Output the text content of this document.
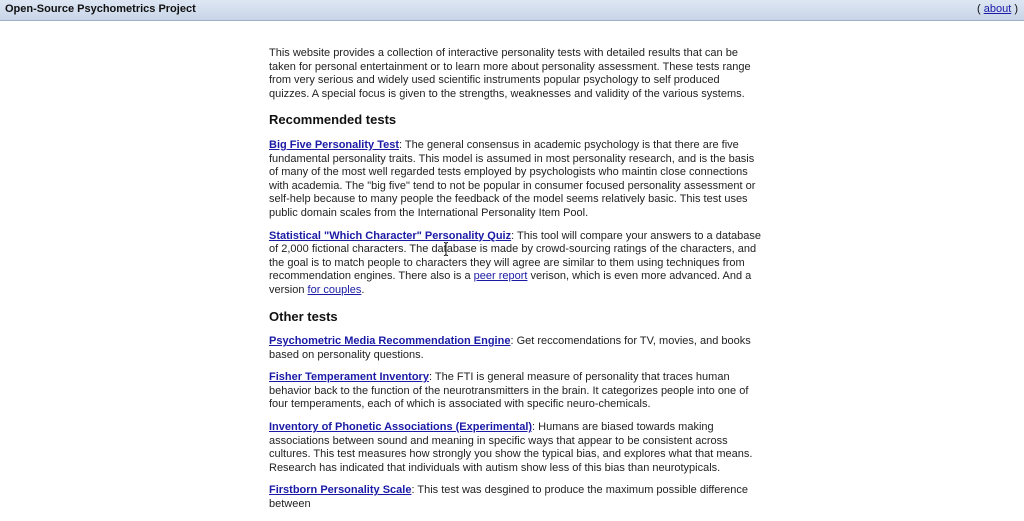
Open-Source Psychometrics Project	( about )

This website provides a collection of interactive personality tests with detailed results that can be taken for personal entertainment or to learn more about personality assessment. These tests range from very serious and widely used scientific instruments popular psychology to self produced quizzes. A special focus is given to the strengths, weaknesses and validity of the various systems.

Recommended tests

Big Five Personality Test: The general consensus in academic psychology is that there are five fundamental personality traits. This model is assumed in most personality research, and is the basis of many of the most well regarded tests employed by psychologists who maintin close connections with academia. The "big five" tend to not be popular in consumer focused personality assessment or self-help because to many people the feedback of the model seems relatively basic. This test uses public domain scales from the International Personality Item Pool.

Statistical "Which Character" Personality Quiz: This tool will compare your answers to a database of 2,000 fictional characters. The database is made by crowd-sourcing ratings of the characters, and the goal is to match people to characters they will agree are similar to them using techniques from recommendation engines. There also is a peer report verison, which is even more advanced. And a version for couples.

Other tests

Psychometric Media Recommendation Engine: Get reccomendations for TV, movies, and books based on personality questions.

Fisher Temperament Inventory: The FTI is general measure of personality that traces human behavior back to the function of the neurotransmitters in the brain. It categorizes people into one of four temperaments, each of which is associated with specific neuro-chemicals.

Inventory of Phonetic Associations (Experimental): Humans are biased towards making associations between sound and meaning in specific ways that appear to be consistent across cultures. This test measures how strongly you show the typical bias, and explores what that means. Research has indicated that individuals with autism show less of this bias than neurotypicals.

Firstborn Personality Scale: This test was desgined to produce the maximum possible difference between
